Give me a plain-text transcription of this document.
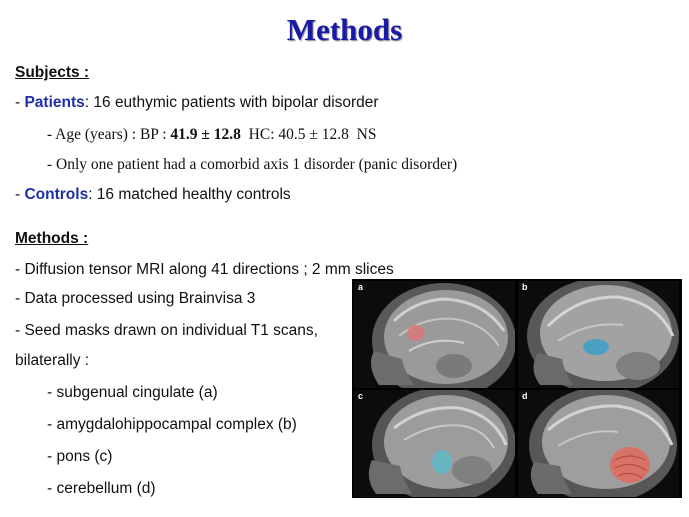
Methods
Subjects :
- Patients: 16 euthymic patients with bipolar disorder
- Age (years) : BP : 41.9 ± 12.8  HC: 40.5 ± 12.8  NS
- Only one patient had a comorbid axis 1 disorder (panic disorder)
- Controls: 16 matched healthy controls
Methods :
- Diffusion tensor MRI along 41 directions ; 2 mm slices
- Data processed using Brainvisa 3
- Seed masks drawn on individual T1 scans,
bilaterally :
- subgenual cingulate (a)
- amygdalohippocampal complex (b)
- pons (c)
- cerebellum (d)
a	b
c	d
